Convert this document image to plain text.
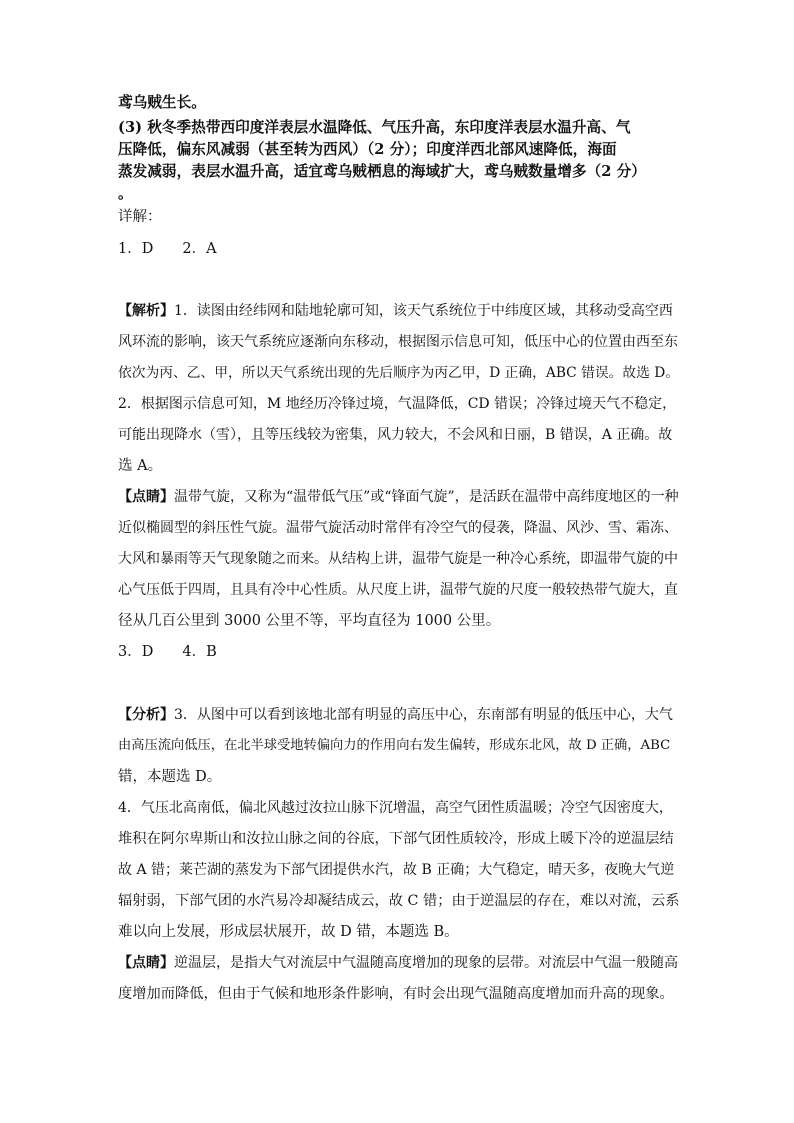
鸢乌贼生长。
(3) 秋冬季热带西印度洋表层水温降低、气压升高，东印度洋表层水温升高、气
压降低，偏东风减弱（甚至转为西风）（2 分）；印度洋西北部风速降低，海面
蒸发减弱，表层水温升高，适宜鸢乌贼栖息的海域扩大，鸢乌贼数量增多（2 分）
。
详解：
1．D　　2．A
【解析】1．读图由经纬网和陆地轮廓可知，该天气系统位于中纬度区域，其移动受高空西
风环流的影响，该天气系统应逐渐向东移动，根据图示信息可知，低压中心的位置由西至东
依次为丙、乙、甲，所以天气系统出现的先后顺序为丙乙甲，D 正确，ABC 错误。故选 D。
2．根据图示信息可知，M 地经历冷锋过境，气温降低，CD 错误；冷锋过境天气不稳定，
可能出现降水（雪），且等压线较为密集，风力较大，不会风和日丽，B 错误，A 正确。故
选 A。
【点睛】温带气旋，又称为“温带低气压”或“锋面气旋”，是活跃在温带中高纬度地区的一种
近似椭圆型的斜压性气旋。温带气旋活动时常伴有冷空气的侵袭，降温、风沙、雪、霜冻、
大风和暴雨等天气现象随之而来。从结构上讲，温带气旋是一种冷心系统，即温带气旋的中
心气压低于四周，且具有冷中心性质。从尺度上讲，温带气旋的尺度一般较热带气旋大，直
径从几百公里到 3000 公里不等，平均直径为 1000 公里。
3．D　　4．B
【分析】3．从图中可以看到该地北部有明显的高压中心，东南部有明显的低压中心，大气
由高压流向低压，在北半球受地转偏向力的作用向右发生偏转，形成东北风，故 D 正确，ABC
错，本题选 D。
4．气压北高南低，偏北风越过汝拉山脉下沉增温，高空气团性质温暖；冷空气因密度大，
堆积在阿尔卑斯山和汝拉山脉之间的谷底，下部气团性质较冷，形成上暖下冷的逆温层结
故 A 错；莱芒湖的蒸发为下部气团提供水汽，故 B 正确；大气稳定，晴天多，夜晚大气逆
辐射弱，下部气团的水汽易冷却凝结成云，故 C 错；由于逆温层的存在，难以对流，云系
难以向上发展，形成层状展开，故 D 错，本题选 B。
【点睛】逆温层，是指大气对流层中气温随高度增加的现象的层带。对流层中气温一般随高
度增加而降低，但由于气候和地形条件影响，有时会出现气温随高度增加而升高的现象。
